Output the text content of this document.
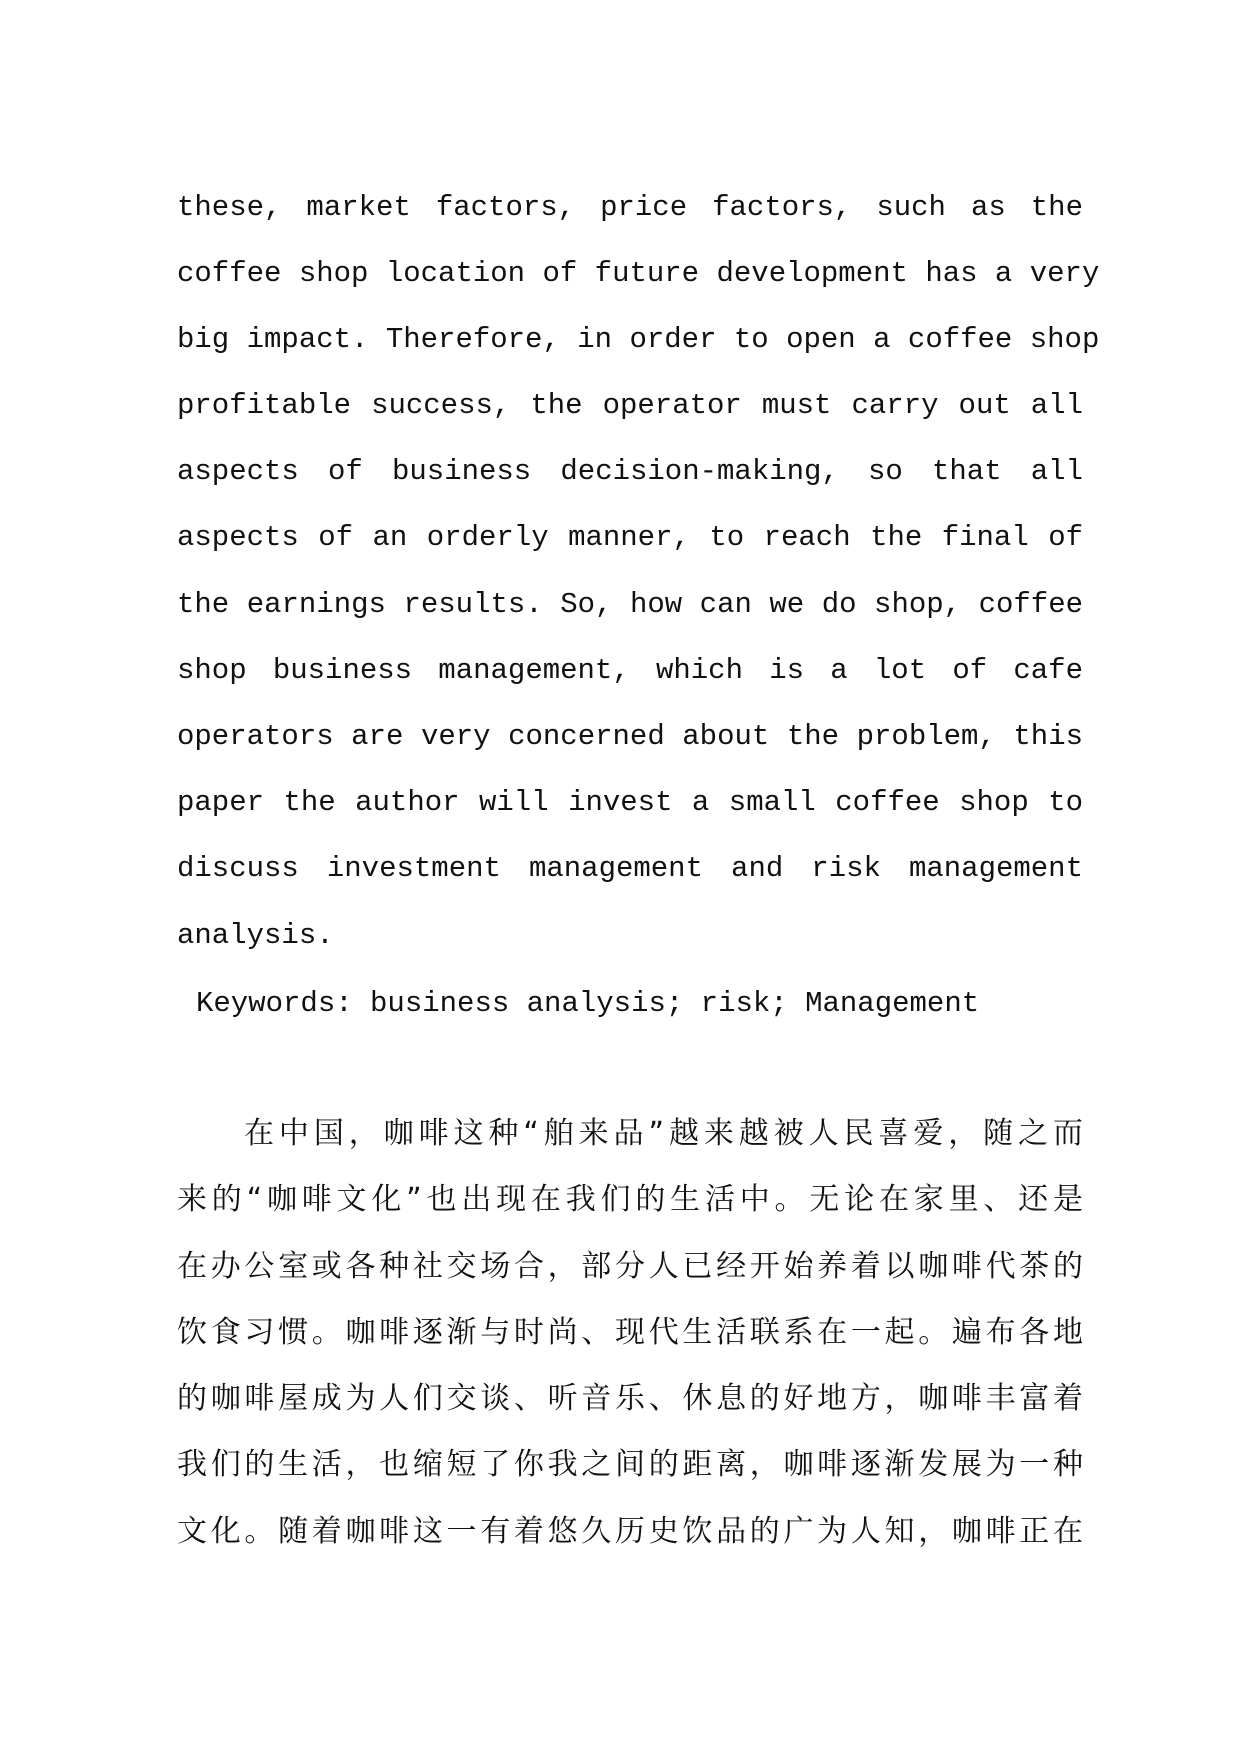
these, market factors, price factors, such as the
coffee shop location of future development has a very
big impact. Therefore, in order to open a coffee shop
profitable success, the operator must carry out all
aspects of business decision-making, so that all
aspects of an orderly manner, to reach the final of
the earnings results. So, how can we do shop, coffee
shop business management, which is a lot of cafe
operators are very concerned about the problem, this
paper the author will invest a small coffee shop to
discuss investment management and risk management
analysis.
Keywords: business analysis; risk; Management
在中国，咖啡这种“舶来品”越来越被人民喜爱，随之而
来的“咖啡文化”也出现在我们的生活中。无论在家里、还是
在办公室或各种社交场合，部分人已经开始养着以咖啡代茶的
饮食习惯。咖啡逐渐与时尚、现代生活联系在一起。遍布各地
的咖啡屋成为人们交谈、听音乐、休息的好地方，咖啡丰富着
我们的生活，也缩短了你我之间的距离，咖啡逐渐发展为一种
文化。随着咖啡这一有着悠久历史饮品的广为人知，咖啡正在
